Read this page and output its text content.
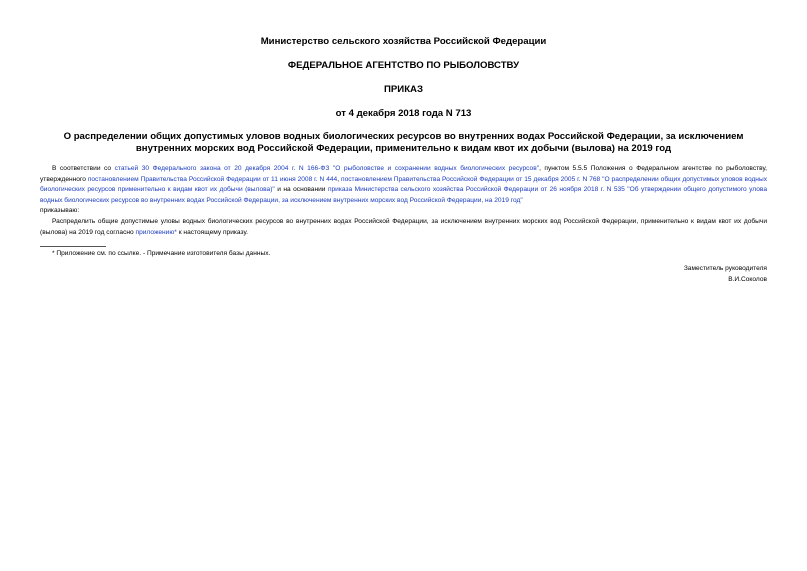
Министерство сельского хозяйства Российской Федерации
ФЕДЕРАЛЬНОЕ АГЕНТСТВО ПО РЫБОЛОВСТВУ
ПРИКАЗ
от 4 декабря 2018 года N 713
О распределении общих допустимых уловов водных биологических ресурсов во внутренних водах Российской Федерации, за исключением внутренних морских вод Российской Федерации, применительно к видам квот их добычи (вылова) на 2019 год

В соответствии со статьей 30 Федерального закона от 20 декабря 2004 г. N 166-ФЗ "О рыболовстве и сохранении водных биологических ресурсов", пунктом 5.5.5 Положения о Федеральном агентстве по рыболовству, утвержденного постановлением Правительства Российской Федерации от 11 июня 2008 г. N 444, постановлением Правительства Российской Федерации от 15 декабря 2005 г. N 768 "О распределении общих допустимых уловов водных биологических ресурсов применительно к видам квот их добычи (вылова)" и на основании приказа Министерства сельского хозяйства Российской Федерации от 26 ноября 2018 г. N 535 "Об утверждении общего допустимого улова водных биологических ресурсов во внутренних водах Российской Федерации, за исключением внутренних морских вод Российской Федерации, на 2019 год"

приказываю:

Распределить общие допустимые уловы водных биологических ресурсов во внутренних водах Российской Федерации, за исключением внутренних морских вод Российской Федерации, применительно к видам квот их добычи (вылова) на 2019 год согласно приложению* к настоящему приказу.

* Приложение см. по ссылке. - Примечание изготовителя базы данных.
Заместитель руководителя
В.И.Соколов
